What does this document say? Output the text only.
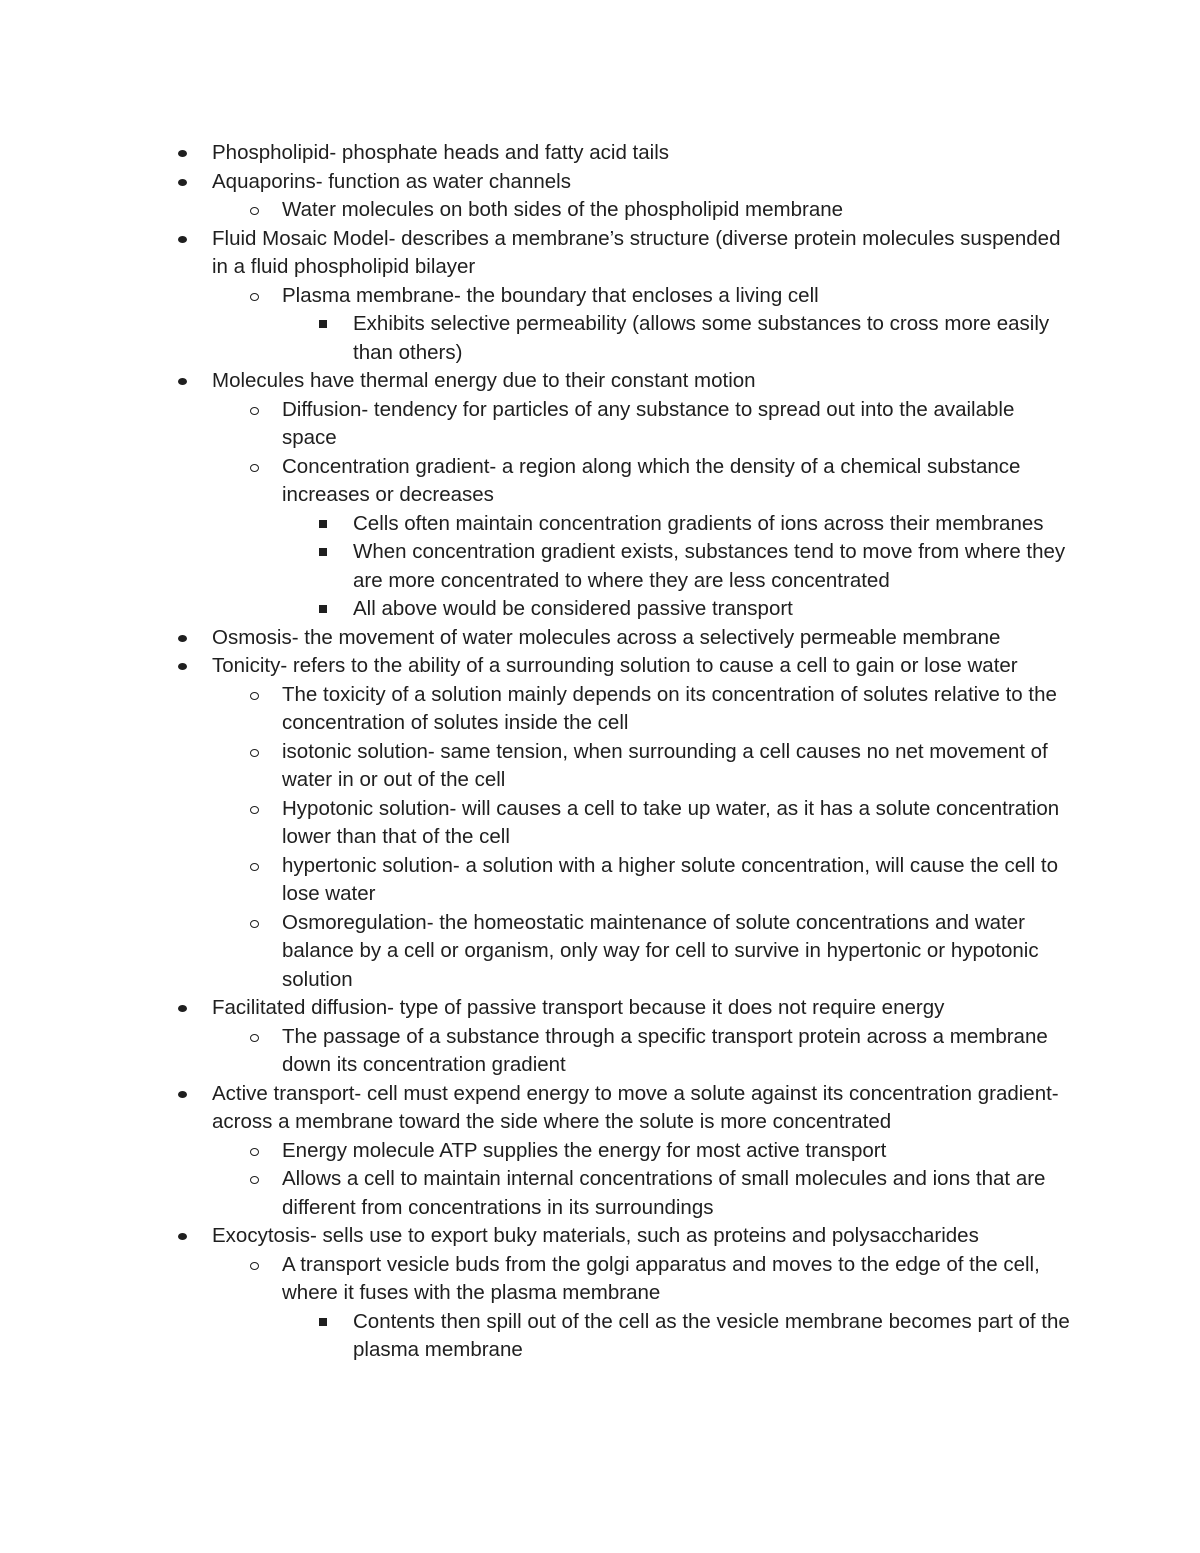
Phospholipid- phosphate heads and fatty acid tails
Aquaporins- function as water channels
Water molecules on both sides of the phospholipid membrane
Fluid Mosaic Model- describes a membrane’s structure (diverse protein molecules suspended in a fluid phospholipid bilayer
Plasma membrane- the boundary that encloses a living cell
Exhibits selective permeability (allows some substances to cross more easily than others)
Molecules have thermal energy due to their constant motion
Diffusion- tendency for particles of any substance to spread out into the available space
Concentration gradient- a region along which the density of a chemical substance increases or decreases
Cells often maintain concentration gradients of ions across their membranes
When concentration gradient exists, substances tend to move from where they are more concentrated to where they are less concentrated
All above would be considered passive transport
Osmosis- the movement of water molecules across a selectively permeable membrane
Tonicity- refers to the ability of a surrounding solution to cause a cell to gain or lose water
The toxicity of a solution mainly depends on its concentration of solutes relative to the concentration of solutes inside the cell
isotonic solution- same tension, when surrounding a cell causes no net movement of water in or out of the cell
Hypotonic solution- will causes a cell to take up water, as it has a solute concentration lower than that of the cell
hypertonic solution- a solution with a higher solute concentration, will cause the cell to lose water
Osmoregulation- the homeostatic maintenance of solute concentrations and water balance by a cell or organism, only way for cell to survive in hypertonic or hypotonic solution
Facilitated diffusion- type of passive transport because it does not require energy
The passage of a substance through a specific transport protein across a membrane down its concentration gradient
Active transport- cell must expend energy to move a solute against its concentration gradient- across a membrane toward the side where the solute is more concentrated
Energy molecule ATP supplies the energy for most active transport
Allows a cell to maintain internal concentrations of small molecules and ions that are different from concentrations in its surroundings
Exocytosis- sells use to export buky materials, such as proteins and polysaccharides
A transport vesicle buds from the golgi apparatus and moves to the edge of the cell, where it fuses with the plasma membrane
Contents then spill out of the cell as the vesicle membrane becomes part of the plasma membrane
